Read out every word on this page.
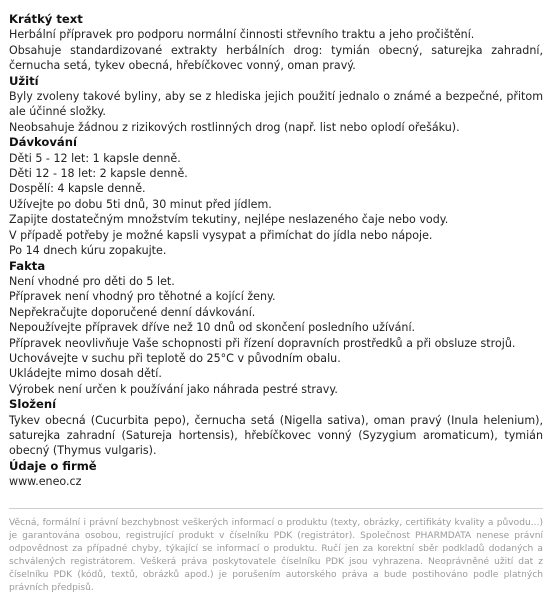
Krátký text

Herbální přípravek pro podporu normální činnosti střevního traktu a jeho pročištění.

Obsahuje standardizované extrakty herbálních drog: tymián obecný, saturejka zahradní, černucha setá, tykev obecná, hřebíčkovec vonný, oman pravý.

Užití

Byly zvoleny takové byliny, aby se z hlediska jejich použití jednalo o známé a bezpečné, přitom ale účinné složky.

Neobsahuje žádnou z rizikových rostlinných drog (např. list nebo oplodí ořešáku).

Dávkování

Děti 5 - 12 let: 1 kapsle denně.

Děti 12 - 18 let: 2 kapsle denně.

Dospělí: 4 kapsle denně.

Užívejte po dobu 5ti dnů, 30 minut před jídlem.

Zapijte dostatečným množstvím tekutiny, nejlépe neslazeného čaje nebo vody.

V případě potřeby je možné kapsli vysypat a přimíchat do jídla nebo nápoje.

Po 14 dnech kúru zopakujte.

Fakta

Není vhodné pro děti do 5 let.

Přípravek není vhodný pro těhotné a kojící ženy.

Nepřekračujte doporučené denní dávkování.

Nepoužívejte přípravek dříve než 10 dnů od skončení posledního užívání.

Přípravek neovlivňuje Vaše schopnosti při řízení dopravních prostředků a při obsluze strojů.

Uchovávejte v suchu při teplotě do 25°C v původním obalu.

Ukládejte mimo dosah dětí.

Výrobek není určen k používání jako náhrada pestré stravy.

Složení

Tykev obecná (Cucurbita pepo), černucha setá (Nigella sativa), oman pravý (Inula helenium), saturejka zahradní (Satureja hortensis), hřebíčkovec vonný (Syzygium aromaticum), tymián obecný (Thymus vulgaris).

Údaje o firmě

www.eneo.cz

Věcná, formální i právní bezchybnost veškerých informací o produktu (texty, obrázky, certifikáty kvality a původu...) je garantována osobou, registrující produkt v číselníku PDK (registrátor). Společnost PHARMDATA nenese právní odpovědnost za případné chyby, týkající se informací o produktu. Ručí jen za korektní sběr podkladů dodaných a schválených registrátorem. Veškerá práva poskytovatele číselníku PDK jsou vyhrazena. Neoprávněné užití dat z číselníku PDK (kódů, textů, obrázků apod.) je porušením autorského práva a bude postihováno podle platných právních předpisů.
